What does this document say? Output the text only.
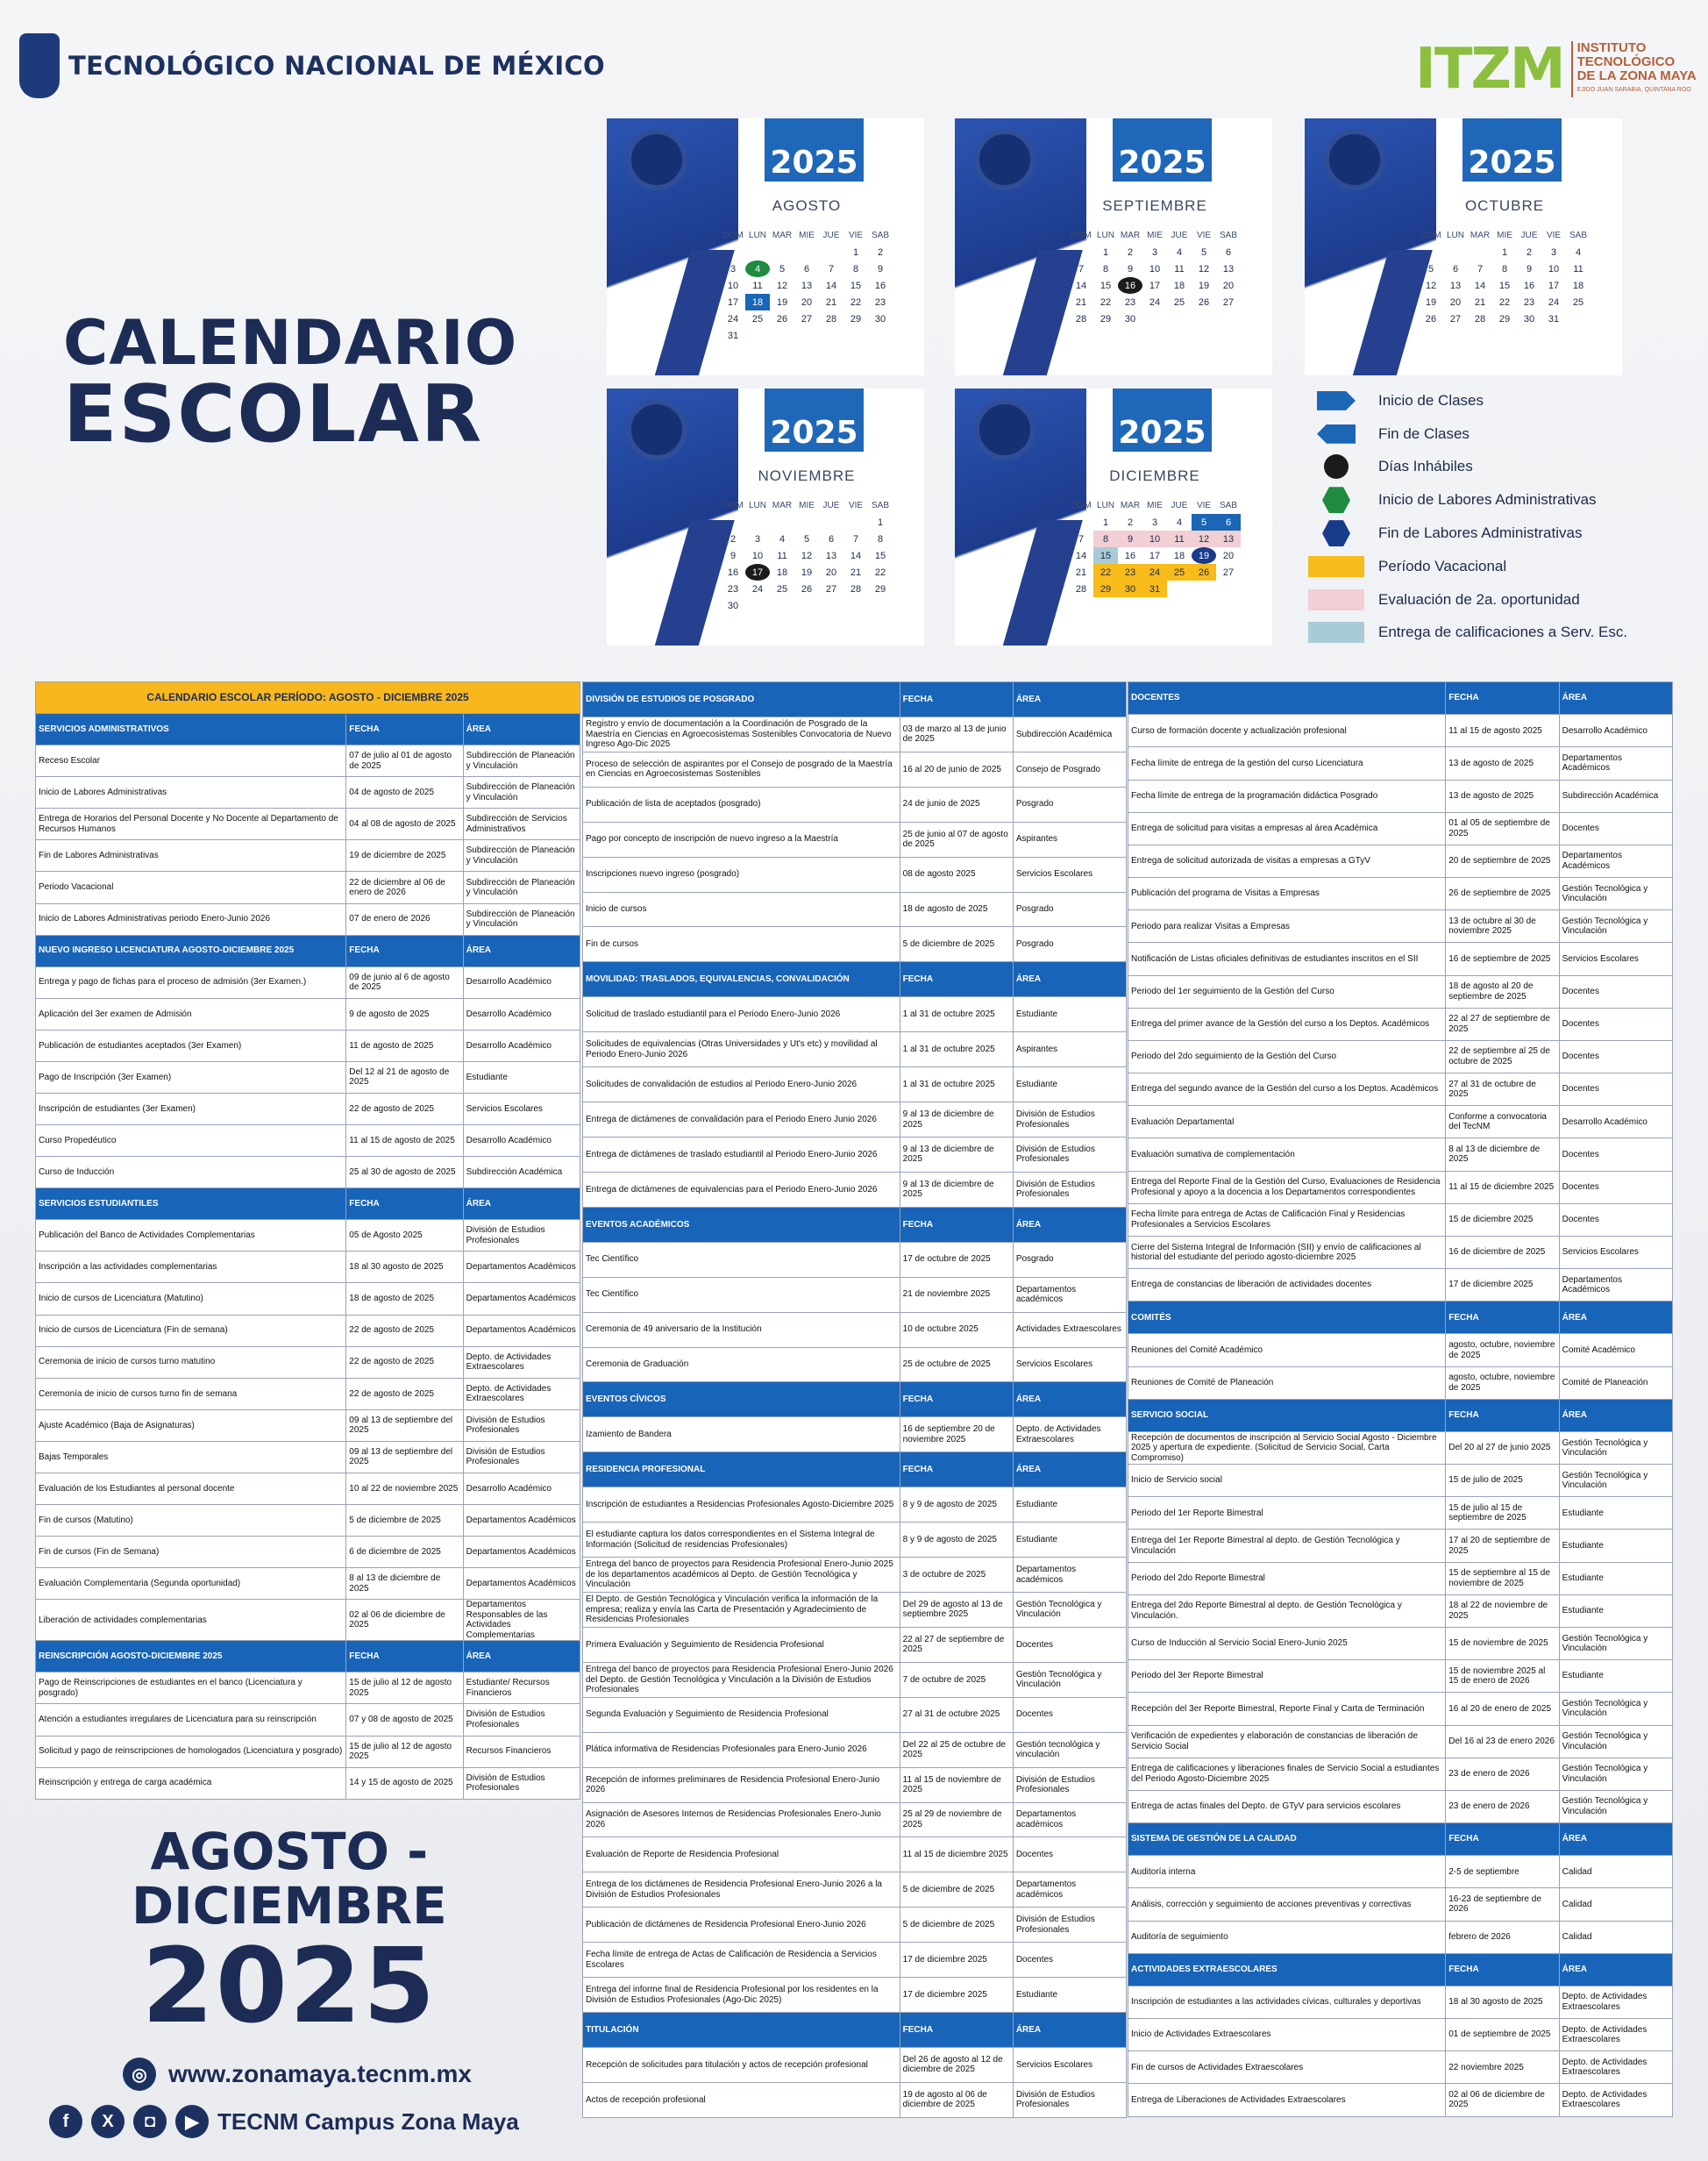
TECNOLÓGICO NACIONAL DE MÉXICO	ITZM INSTITUTO
TECNOLÓGICO
DE LA ZONA MAYA
EJIDO JUAN SARABIA, QUINTANA ROO
CALENDARIO
ESCOLAR
2025
AGOSTO
DOM	LUN	MAR	MIE	JUE	VIE	SAB
					1	2
3	4	5	6	7	8	9
10	11	12	13	14	15	16
17	18	19	20	21	22	23
24	25	26	27	28	29	30
31						
2025
SEPTIEMBRE
DOM	LUN	MAR	MIE	JUE	VIE	SAB
	1	2	3	4	5	6
7	8	9	10	11	12	13
14	15	16	17	18	19	20
21	22	23	24	25	26	27
28	29	30				
2025
OCTUBRE
DOM	LUN	MAR	MIE	JUE	VIE	SAB
			1	2	3	4
5	6	7	8	9	10	11
12	13	14	15	16	17	18
19	20	21	22	23	24	25
26	27	28	29	30	31	
2025
NOVIEMBRE
DOM	LUN	MAR	MIE	JUE	VIE	SAB
						1
2	3	4	5	6	7	8
9	10	11	12	13	14	15
16	17	18	19	20	21	22
23	24	25	26	27	28	29
30						
2025
DICIEMBRE
DOM	LUN	MAR	MIE	JUE	VIE	SAB
	1	2	3	4	5	6
7	8	9	10	11	12	13
14	15	16	17	18	19	20
21	22	23	24	25	26	27
28	29	30	31			
Inicio de Clases
Fin de Clases
Días Inhábiles
Inicio de Labores Administrativas
Fin de Labores Administrativas
Período Vacacional
Evaluación de 2a. oportunidad
Entrega de calificaciones a Serv. Esc.
CALENDARIO ESCOLAR PERÍODO: AGOSTO - DICIEMBRE 2025		
SERVICIOS ADMINISTRATIVOS	FECHA	ÁREA
Receso Escolar	07 de julio al 01 de agosto de 2025	Subdirección de Planeación y Vinculación
Inicio de Labores Administrativas	04 de agosto de 2025	Subdirección de Planeación y Vinculación
Entrega de Horarios del Personal Docente y No Docente al Departamento de Recursos Humanos	04 al 08 de agosto de 2025	Subdirección de Servicios Administrativos
Fin de Labores Administrativas	19 de diciembre de 2025	Subdirección de Planeación y Vinculación
Periodo Vacacional	22 de diciembre al 06 de enero de 2026	Subdirección de Planeación y Vinculación
Inicio de Labores Administrativas periodo Enero-Junio 2026	07 de enero de 2026	Subdirección de Planeación y Vinculación
NUEVO INGRESO LICENCIATURA AGOSTO-DICIEMBRE 2025	FECHA	ÁREA
Entrega y pago de fichas para el proceso de admisión (3er Examen.)	09 de junio al 6 de agosto de 2025	Desarrollo Académico
Aplicación del 3er examen de Admisión	9 de agosto de 2025	Desarrollo Académico
Publicación de estudiantes aceptados (3er Examen)	11 de agosto de 2025	Desarrollo Académico
Pago de Inscripción (3er Examen)	Del 12 al 21 de agosto de 2025	Estudiante
Inscripción de estudiantes (3er Examen)	22 de agosto de 2025	Servicios Escolares
Curso Propedéutico	11 al 15 de agosto de 2025	Desarrollo Académico
Curso de Inducción	25 al 30 de agosto de 2025	Subdirección Académica
SERVICIOS ESTUDIANTILES	FECHA	ÁREA
Publicación del Banco de Actividades Complementarias	05 de Agosto 2025	División de Estudios Profesionales
Inscripción a las actividades complementarias	18 al 30 agosto de 2025	Departamentos Académicos
Inicio de cursos de Licenciatura (Matutino)	18 de agosto de 2025	Departamentos Académicos
Inicio de cursos de Licenciatura (Fin de semana)	22 de agosto de 2025	Departamentos Académicos
Ceremonia de inicio de cursos turno matutino	22 de agosto de 2025	Depto. de Actividades Extraescolares
Ceremonía de inicio de cursos turno fin de semana	22 de agosto de 2025	Depto. de Actividades Extraescolares
Ajuste Académico (Baja de Asignaturas)	09 al 13 de septiembre del 2025	División de Estudios Profesionales
Bajas Temporales	09 al 13 de septiembre del 2025	División de Estudios Profesionales
Evaluación de los Estudiantes al personal docente	10 al 22 de noviembre 2025	Desarrollo Académico
Fin de cursos (Matutino)	5 de diciembre de 2025	Departamentos Académicos
Fin de cursos (Fin de Semana)	6 de diciembre de 2025	Departamentos Académicos
Evaluación Complementaria (Segunda oportunidad)	8 al 13 de diciembre de 2025	Departamentos Académicos
Liberación de actividades complementarias	02 al 06 de diciembre de 2025	Departamentos Responsables de las Actividades Complementarias
REINSCRIPCIÓN AGOSTO-DICIEMBRE 2025	FECHA	ÁREA
Pago de Reinscripciones de estudiantes en el banco (Licenciatura y posgrado)	15 de julio al 12 de agosto 2025	Estudiante/ Recursos Financieros
Atención a estudiantes irregulares de Licenciatura para su reinscripción	07 y 08 de agosto de 2025	División de Estudios Profesionales
Solicitud y pago de reinscripciones de homologados (Licenciatura y posgrado)	15 de julio al 12 de agosto 2025	Recursos Financieros
Reinscripción y entrega de carga académica	14 y 15 de agosto de 2025	División de Estudios Profesionales
DIVISIÓN DE ESTUDIOS DE POSGRADO	FECHA	ÁREA
Registro y envío de documentación a la Coordinación de Posgrado de la Maestría en Ciencias en Agroecosistemas Sostenibles Convocatoria de Nuevo Ingreso Ago-Dic 2025	03 de marzo al 13 de junio de 2025	Subdirección Académica
Proceso de selección de aspirantes por el Consejo de posgrado de la Maestría en Ciencias en Agroecosistemas Sostenibles	16 al 20 de junio de 2025	Consejo de Posgrado
Publicación de lista de aceptados (posgrado)	24 de junio de 2025	Posgrado
Pago por concepto de inscripción de nuevo ingreso a la Maestría	25 de junio al 07 de agosto de 2025	Aspirantes
Inscripciones nuevo ingreso (posgrado)	08 de agosto 2025	Servicios Escolares
Inicio de cursos	18 de agosto de 2025	Posgrado
Fin de cursos	5 de diciembre de 2025	Posgrado
MOVILIDAD: TRASLADOS, EQUIVALENCIAS, CONVALIDACIÓN	FECHA	ÁREA
Solicitud de traslado estudiantil para el Periodo Enero-Junio 2026	1 al 31 de octubre 2025	Estudiante
Solicitudes de equivalencias (Otras Universidades y Ut's etc) y movilidad al Periodo Enero-Junio 2026	1 al 31 de octubre 2025	Aspirantes
Solicitudes de convalidación de estudios al Periodo Enero-Junio 2026	1 al 31 de octubre 2025	Estudiante
Entrega de dictámenes de convalidación para el Periodo Enero Junio 2026	9 al 13 de diciembre de 2025	División de Estudios Profesionales
Entrega de dictámenes de traslado estudiantil al Periodo Enero-Junio 2026	9 al 13 de diciembre de 2025	División de Estudios Profesionales
Entrega de dictámenes de equivalencias para el Periodo Enero-Junio 2026	9 al 13 de diciembre de 2025	División de Estudios Profesionales
EVENTOS ACADÉMICOS	FECHA	ÁREA
Tec Científico	17 de octubre de 2025	Posgrado
Tec Científico	21 de noviembre 2025	Departamentos académicos
Ceremonia de 49 aniversario de la Institución	10 de octubre 2025	Actividades Extraescolares
Ceremonia de Graduación	25 de octubre de 2025	Servicios Escolares
EVENTOS CÍVICOS	FECHA	ÁREA
Izamiento de Bandera	16 de septiembre 20 de noviembre 2025	Depto. de Actividades Extraescolares
RESIDENCIA PROFESIONAL	FECHA	ÁREA
Inscripción de estudiantes a Residencias Profesionales Agosto-Diciembre 2025	8 y 9 de agosto de 2025	Estudiante
El estudiante captura los datos correspondientes en el Sistema Integral de Información (Solicitud de residencias Profesionales)	8 y 9 de agosto de 2025	Estudiante
Entrega del banco de proyectos para Residencia Profesional Enero-Junio 2025 de los departamentos académicos al Depto. de Gestión Tecnológica y Vinculación	3 de octubre de 2025	Departamentos académicos
El Depto. de Gestión Tecnológica y Vinculación verifica la información de la empresa; realiza y envía las Carta de Presentación y Agradecimiento de Residencias Profesionales	Del 29 de agosto al 13 de septiembre 2025	Gestión Tecnológica y Vinculación
Primera Evaluación y Seguimiento de Residencia Profesional	22 al 27 de septiembre de 2025	Docentes
Entrega del banco de proyectos para Residencia Profesional Enero-Junio 2026 del Depto. de Gestión Tecnológica y Vinculación a la División de Estudios Profesionales	7 de octubre de 2025	Gestión Tecnológica y Vinculación
Segunda Evaluación y Seguimiento de Residencia Profesional	27 al 31 de octubre 2025	Docentes
Plática informativa de Residencias Profesionales para Enero-Junio 2026	Del 22 al 25 de octubre de 2025	Gestión tecnológica y vinculación
Recepción de informes preliminares de Residencia Profesional Enero-Junio 2026	11 al 15 de noviembre de 2025	División de Estudios Profesionales
Asignación de Asesores Internos de Residencias Profesionales Enero-Junio 2026	25 al 29 de noviembre de 2025	Departamentos académicos
Evaluación de Reporte de Residencia Profesional	11 al 15 de diciembre 2025	Docentes
Entrega de los dictámenes de Residencia Profesional Enero-Junio 2026 a la División de Estudios Profesionales	5 de diciembre de 2025	Departamentos académicos
Publicación de dictámenes de Residencia Profesional Enero-Junio 2026	5 de diciembre de 2025	División de Estudios Profesionales
Fecha límite de entrega de Actas de Calificación de Residencia a Servicios Escolares	17 de diciembre 2025	Docentes
Entrega del informe final de Residencia Profesional por los residentes en la División de Estudios Profesionales (Ago-Dic 2025)	17 de diciembre 2025	Estudiante
TITULACIÓN	FECHA	ÁREA
Recepción de solicitudes para titulación y actos de recepción profesional	Del 26 de agosto al 12 de diciembre de 2025	Servicios Escolares
Actos de recepción profesional	19 de agosto al 06 de diciembre de 2025	División de Estudios Profesionales
DOCENTES	FECHA	ÁREA
Curso de formación docente y actualización profesional	11 al 15 de agosto 2025	Desarrollo Académico
Fecha límite de entrega de la gestión del curso Licenciatura	13 de agosto de 2025	Departamentos Académicos
Fecha límite de entrega de la programación didáctica Posgrado	13 de agosto de 2025	Subdirección Académica
Entrega de solicitud para visitas a empresas al área Académica	01 al 05 de septiembre de 2025	Docentes
Entrega de solicitud autorizada de visitas a empresas a GTyV	20 de septiembre de 2025	Departamentos Académicos
Publicación del programa de Visitas a Empresas	26 de septiembre de 2025	Gestión Tecnológica y Vinculación
Periodo para realizar Visitas a Empresas	13 de octubre al 30 de noviembre 2025	Gestión Tecnológica y Vinculación
Notificación de Listas oficiales definitivas de estudiantes inscritos en el SII	16 de septiembre de 2025	Servicios Escolares
Periodo del 1er seguimiento de la Gestión del Curso	18 de agosto al 20 de septiembre de 2025	Docentes
Entrega del primer avance de la Gestión del curso a los Deptos. Académicos	22 al 27 de septiembre de 2025	Docentes
Periodo del 2do seguimiento de la Gestión del Curso	22 de septiembre al 25 de octubre de 2025	Docentes
Entrega del segundo avance de la Gestión del curso a los Deptos. Académicos	27 al 31 de octubre de 2025	Docentes
Evaluación Departamental	Conforme a convocatoria del TecNM	Desarrollo Académico
Evaluación sumativa de complementación	8 al 13 de diciembre de 2025	Docentes
Entrega del Reporte Final de la Gestión del Curso, Evaluaciones de Residencia Profesional y apoyo a la docencia a los Departamentos correspondientes	11 al 15 de diciembre 2025	Docentes
Fecha límite para entrega de Actas de Calificación Final y Residencias Profesionales a Servicios Escolares	15 de diciembre 2025	Docentes
Cierre del Sistema Integral de Información (SII) y envío de calificaciones al historial del estudiante del periodo agosto-diciembre 2025	16 de diciembre de 2025	Servicios Escolares
Entrega de constancias de liberación de actividades docentes	17 de diciembre 2025	Departamentos Académicos
COMITÉS	FECHA	ÁREA
Reuniones del Comité Académico	agosto, octubre, noviembre de 2025	Comité Académico
Reuniones de Comité de Planeación	agosto, octubre, noviembre de 2025	Comité de Planeación
SERVICIO SOCIAL	FECHA	ÁREA
Recepción de documentos de inscripción al Servicio Social Agosto - Diciembre 2025 y apertura de expediente. (Solicitud de Servicio Social, Carta Compromiso)	Del 20 al 27 de junio 2025	Gestión Tecnológica y Vinculación
Inicio de Servicio social	15 de julio de 2025	Gestión Tecnológica y Vinculación
Periodo del 1er Reporte Bimestral	15 de julio al 15 de septiembre de 2025	Estudiante
Entrega del 1er Reporte Bimestral al depto. de Gestión Tecnológica y Vinculación	17 al 20 de septiembre de 2025	Estudiante
Periodo del 2do Reporte Bimestral	15 de septiembre al 15 de noviembre de 2025	Estudiante
Entrega del 2do Reporte Bimestral al depto. de Gestión Tecnológica y Vinculación.	18 al 22 de noviembre de 2025	Estudiante
Curso de Inducción al Servicio Social Enero-Junio 2025	15 de noviembre de 2025	Gestión Tecnológica y Vinculación
Periodo del 3er Reporte Bimestral	15 de noviembre 2025 al 15 de enero de 2026	Estudiante
Recepción del 3er Reporte Bimestral, Reporte Final y Carta de Terminación	16 al 20 de enero de 2025	Gestión Tecnológica y Vinculación
Verificación de expedientes y elaboración de constancias de liberación de Servicio Social	Del 16 al 23 de enero 2026	Gestión Tecnológica y Vinculación
Entrega de calificaciones y liberaciones finales de Servicio Social a estudiantes del Periodo Agosto-Diciembre 2025	23 de enero de 2026	Gestión Tecnológica y Vinculación
Entrega de actas finales del Depto. de GTyV para servicios escolares	23 de enero de 2026	Gestión Tecnológica y Vinculación
SISTEMA DE GESTIÓN DE LA CALIDAD	FECHA	ÁREA
Auditoría interna	2-5 de septiembre	Calidad
Análisis, corrección y seguimiento de acciones preventivas y correctivas	16-23 de septiembre de 2026	Calidad
Auditoría de seguimiento	febrero de 2026	Calidad
ACTIVIDADES EXTRAESCOLARES	FECHA	ÁREA
Inscripción de estudiantes a las actividades cívicas, culturales y deportivas	18 al 30 agosto de 2025	Depto. de Actividades Extraescolares
Inicio de Actividades Extraescolares	01 de septiembre de 2025	Depto. de Actividades Extraescolares
Fin de cursos de Actividades Extraescolares	22 noviembre 2025	Depto. de Actividades Extraescolares
Entrega de Liberaciones de Actividades Extraescolares	02 al 06 de diciembre de 2025	Depto. de Actividades Extraescolares
AGOSTO -
DICIEMBRE
2025
◎ www.zonamaya.tecnm.mx
f	X	◘	▶ TECNM Campus Zona Maya
